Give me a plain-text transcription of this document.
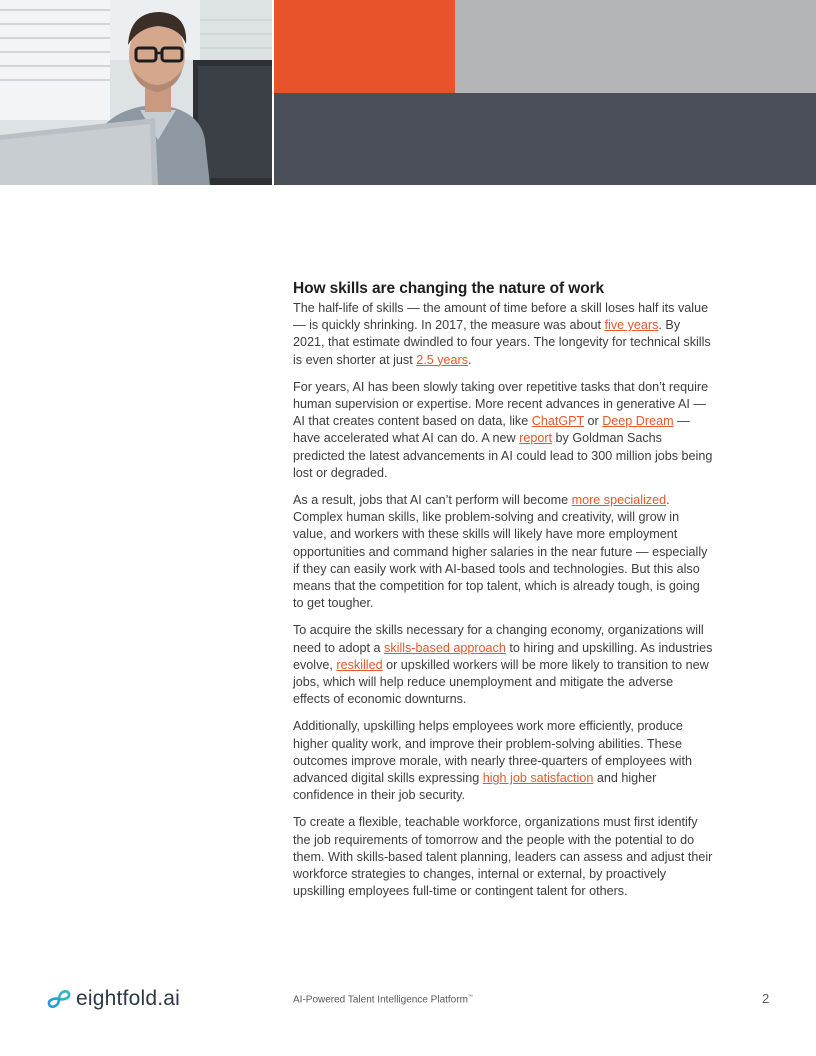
How skills are changing the nature of work

The half-life of skills — the amount of time before a skill loses half its value — is quickly shrinking. In 2017, the measure was about five years. By 2021, that estimate dwindled to four years. The longevity for technical skills is even shorter at just 2.5 years.

For years, AI has been slowly taking over repetitive tasks that don’t require human supervision or expertise. More recent advances in generative AI — AI that creates content based on data, like ChatGPT or Deep Dream — have accelerated what AI can do. A new report by Goldman Sachs predicted the latest advancements in AI could lead to 300 million jobs being lost or degraded.

As a result, jobs that AI can’t perform will become more specialized. Complex human skills, like problem-solving and creativity, will grow in value, and workers with these skills will likely have more employment opportunities and command higher salaries in the near future — especially if they can easily work with AI-based tools and technologies. But this also means that the competition for top talent, which is already tough, is going to get tougher.

To acquire the skills necessary for a changing economy, organizations will need to adopt a skills-based approach to hiring and upskilling. As industries evolve, reskilled or upskilled workers will be more likely to transition to new jobs, which will help reduce unemployment and mitigate the adverse effects of economic downturns.

Additionally, upskilling helps employees work more efficiently, produce higher quality work, and improve their problem-solving abilities. These outcomes improve morale, with nearly three-quarters of employees with advanced digital skills expressing high job satisfaction and higher confidence in their job security.

To create a flexible, teachable workforce, organizations must first identify the job requirements of tomorrow and the people with the potential to do them. With skills-based talent planning, leaders can assess and adjust their workforce strategies to changes, internal or external, by proactively upskilling employees full-time or contingent talent for others.

eightfold.ai	AI-Powered Talent Intelligence Platform™	2
